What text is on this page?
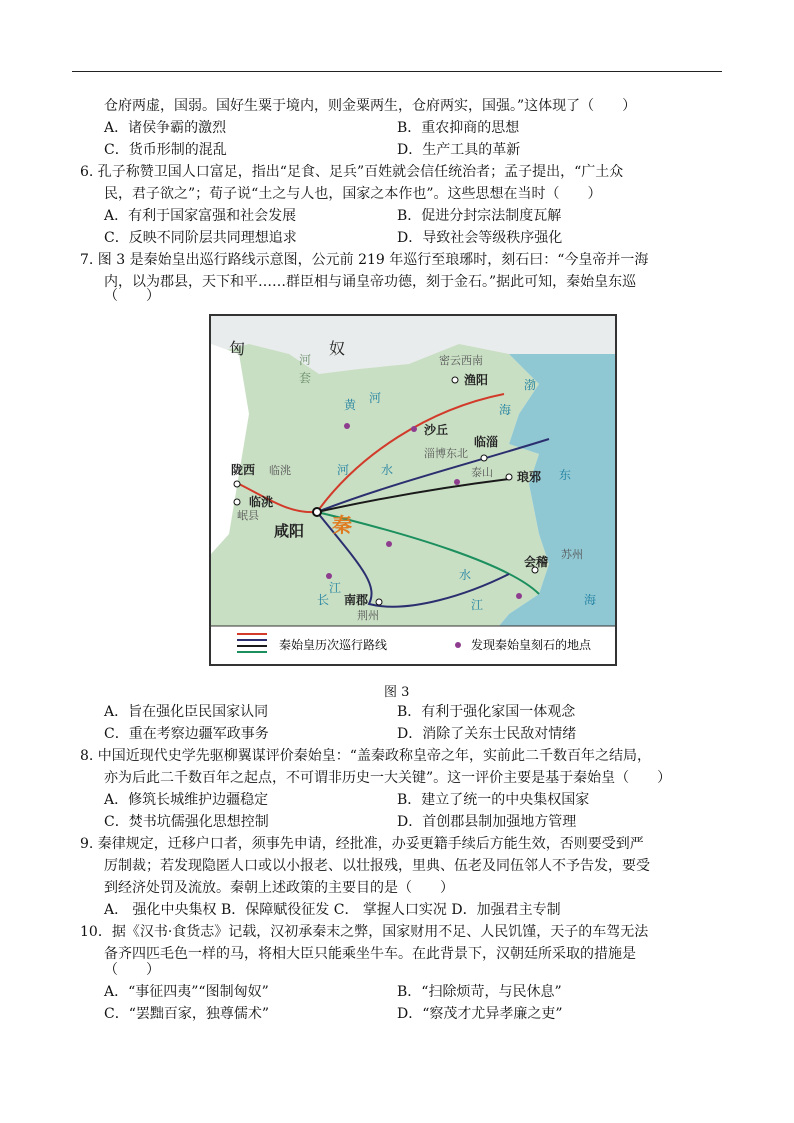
仓府两虚，国弱。国好生粟于境内，则金粟两生，仓府两实，国强。”这体现了（　　）
A．诸侯争霸的激烈	B．重农抑商的思想
C．货币形制的混乱	D．生产工具的革新
6. 孔子称赞卫国人口富足，指出“足食、足兵”百姓就会信任统治者；孟子提出，“广土众
民，君子欲之”；荀子说“土之与人也，国家之本作也”。这些思想在当时（　　）
A．有利于国家富强和社会发展	B．促进分封宗法制度瓦解
C．反映不同阶层共同理想追求	D．导致社会等级秩序强化
7. 图 3 是秦始皇出巡行路线示意图，公元前 219 年巡行至琅琊时，刻石曰：“今皇帝并一海
内，以为郡县，天下和平……群臣相与诵皇帝功德，刻于金石。”据此可知，秦始皇东巡
（　　）
匈	奴
河
套
密云西南
渔阳
黄 河
渤
海
沙丘
临淄
淄博东北
泰山 琅邪 东
陇西 临洮
临洮
岷县
咸阳 秦
河	水
会稽
苏州
江
长 南郡
荆州
水
江	海
秦始皇历次巡行路线	发现秦始皇刻石的地点
图 3
A．旨在强化臣民国家认同	B．有利于强化家国一体观念
C．重在考察边疆军政事务	D．消除了关东士民敌对情绪
8. 中国近现代史学先驱柳翼谋评价秦始皇：“盖秦政称皇帝之年，实前此二千数百年之结局，
亦为后此二千数百年之起点，不可谓非历史一大关键”。这一评价主要是基于秦始皇（　　）
A．修筑长城维护边疆稳定	B．建立了统一的中央集权国家
C．焚书坑儒强化思想控制	D．首创郡县制加强地方管理
9. 秦律规定，迁移户口者，须事先申请，经批准，办妥更籍手续后方能生效，否则要受到严
厉制裁；若发现隐匿人口或以小报老、以壮报残，里典、伍老及同伍邻人不予告发，要受
到经济处罚及流放。秦朝上述政策的主要目的是（　　）
A． 强化中央集权 B．保障赋役征发 C． 掌握人口实况 D．加强君主专制
10．据《汉书·食货志》记载，汉初承秦末之弊，国家财用不足、人民饥馑，天子的车驾无法
备齐四匹毛色一样的马，将相大臣只能乘坐牛车。在此背景下，汉朝廷所采取的措施是
（　　）
A．“事征四夷”“图制匈奴”	B．“扫除烦苛，与民休息”
C．“罢黜百家，独尊儒术”	D．“察茂才尤异孝廉之吏”
